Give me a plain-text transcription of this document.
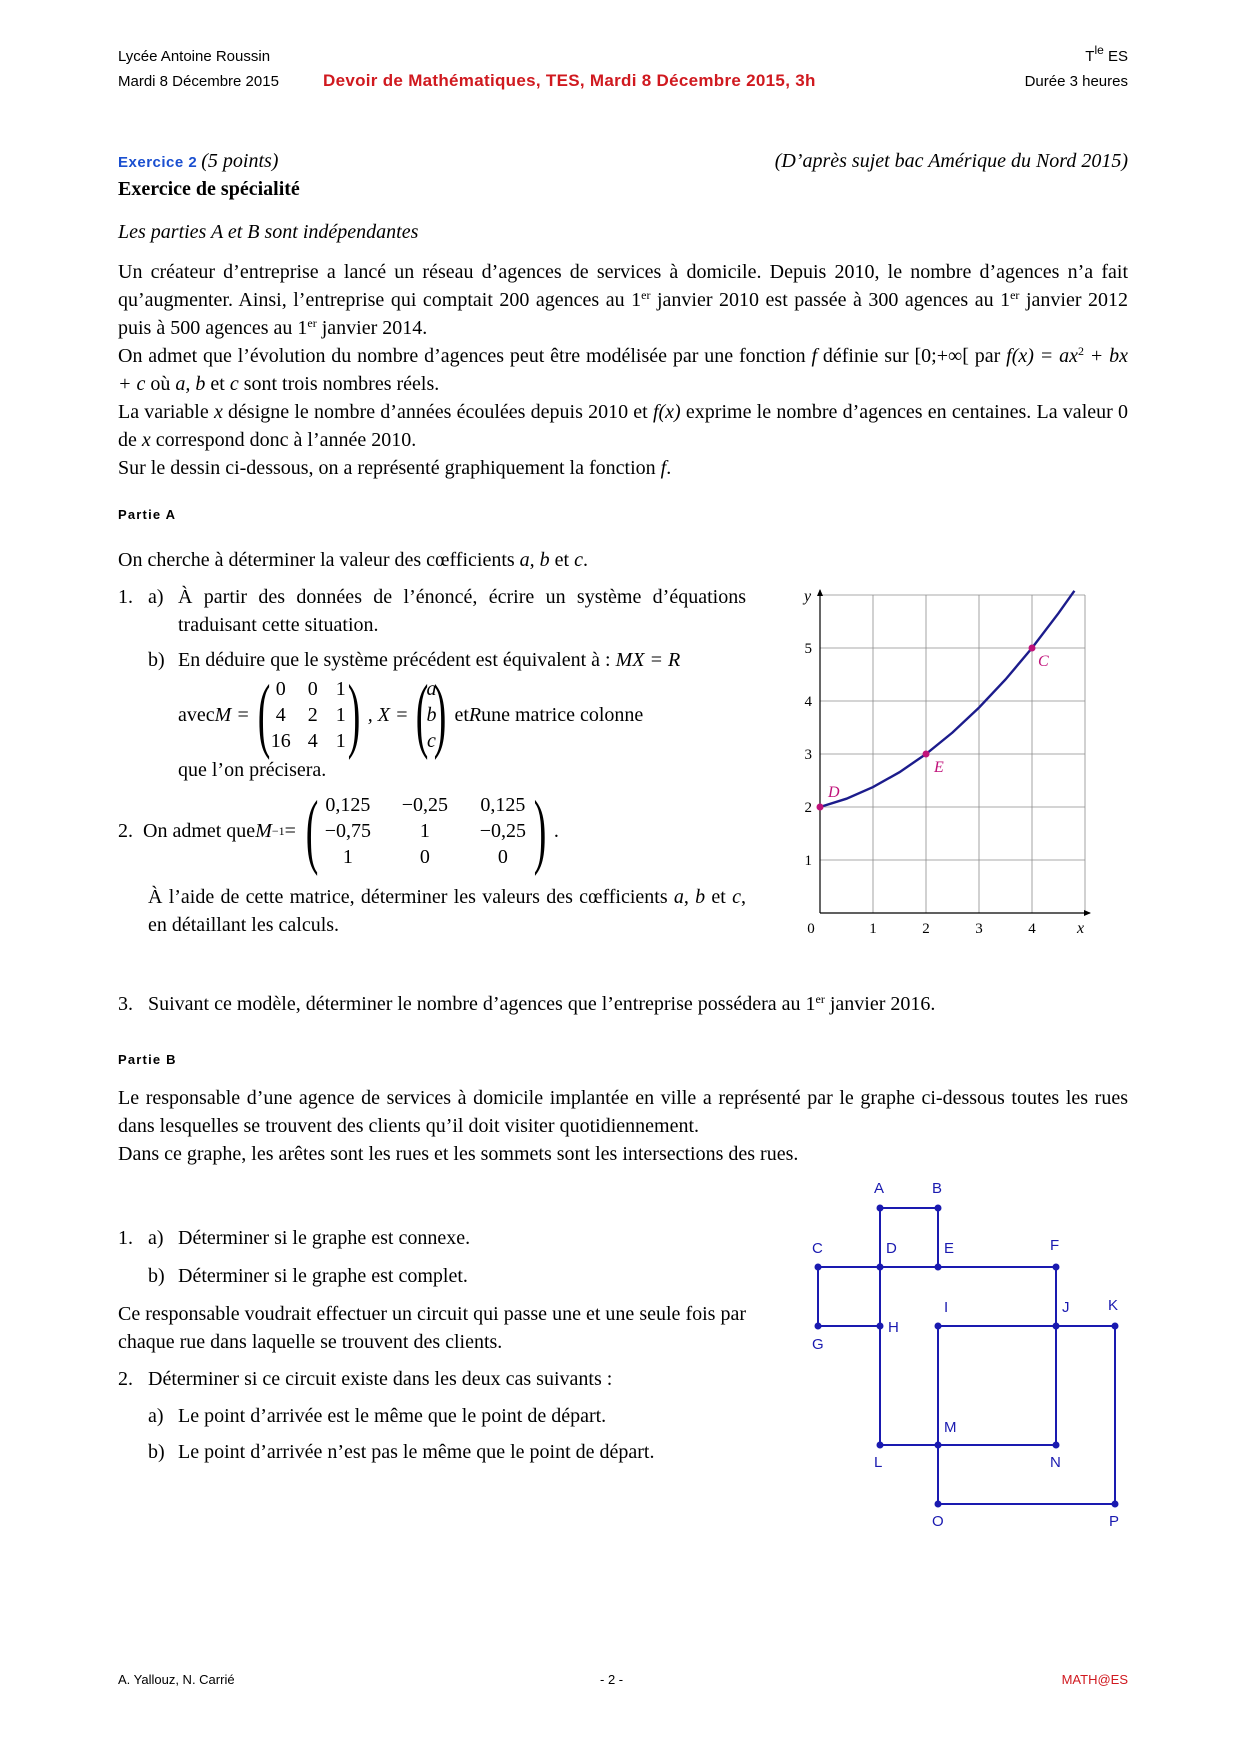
Lycée Antoine Roussin
Mardi 8 Décembre 2015	Devoir de Mathématiques, TES, Mardi 8 Décembre 2015, 3h
$T^{le}$ ES
Durée 3 heures
Exercice 2 (5 points)	(D’après sujet bac Amérique du Nord 2015)
Exercice de spécialité
Les parties A et B sont indépendantes
Un créateur d’entreprise a lancé un réseau d’agences de services à domicile. Depuis 2010, le nombre d’agences n’a fait qu’augmenter. Ainsi, l’entreprise qui comptait 200 agences au 1er janvier 2010 est passée à 300 agences au 1er janvier 2012 puis à 500 agences au 1er janvier 2014.
On admet que l’évolution du nombre d’agences peut être modélisée par une fonction f définie sur [0;+∞[ par $f(x) = ax^2$ + bx + c où a, b et c sont trois nombres réels.
La variable x désigne le nombre d’années écoulées depuis 2010 et f(x) exprime le nombre d’agences en centaines. La valeur 0 de x correspond donc à l’année 2010.
Sur le dessin ci-dessous, on a représenté graphiquement la fonction f.
Partie A
On cherche à déterminer la valeur des cœfficients a, b et c.
1. a) À partir des données de l’énoncé, écrire un système d’équations traduisant cette situation.
b) En déduire que le système précédent est équivalent à : MX = R
avec M = ( 0	0 1
4	2 1
16 4 1 ) , X = (
a
b
c
) et R une matrice colonne
que l’on précisera.
2. On admet que M −1 = ( 0,125	−0,25	0,125
−0,75	1	−0,25
1	0	0 ) .
À l’aide de cette matrice, déterminer les valeurs des cœfficients a, b et c, en détaillant les calculs.	0	1	2	3	4
1
2
3
4
5
x
y
D
E
C
3. Suivant ce modèle, déterminer le nombre d’agences que l’entreprise possédera au 1er janvier 2016.
Partie B
Le responsable d’une agence de services à domicile implantée en ville a représenté par le graphe ci-dessous toutes les rues dans lesquelles se trouvent des clients qu’il doit visiter quotidiennement.
Dans ce graphe, les arêtes sont les rues et les sommets sont les intersections des rues.
1. a) Déterminer si le graphe est connexe.
b) Déterminer si le graphe est complet.
Ce responsable voudrait effectuer un circuit qui passe une et une seule fois par chaque rue dans laquelle se trouvent des clients.
2. Déterminer si ce circuit existe dans les deux cas suivants :
a) Le point d’arrivée est le même que le point de départ.
b) Le point d’arrivée n’est pas le même que le point de départ.
A	B
C	D	E	F
G
H
I	J	K
L
M
N
O	P
A. Yallouz, N. Carrié	- 2 -	MATH@ES
